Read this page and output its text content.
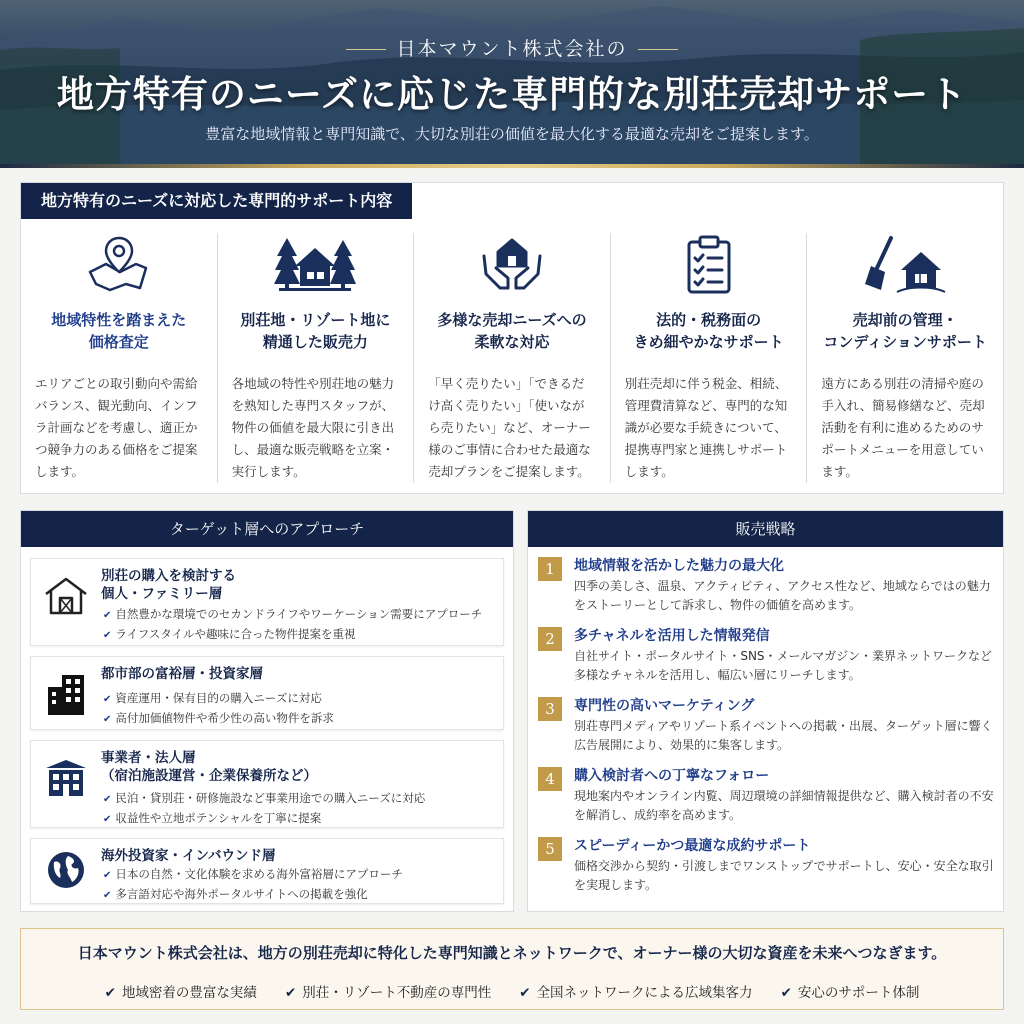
日本マウント株式会社の
地方特有のニーズに応じた専門的な別荘売却サポート
豊富な地域情報と専門知識で、大切な別荘の価値を最大化する最適な売却をご提案します。
地方特有のニーズに対応した専門的サポート内容
地域特性を踏まえた
価格査定
エリアごとの取引動向や需給バランス、観光動向、インフラ計画などを考慮し、適正かつ競争力のある価格をご提案します。
別荘地・リゾート地に
精通した販売力
各地域の特性や別荘地の魅力を熟知した専門スタッフが、物件の価値を最大限に引き出し、最適な販売戦略を立案・実行します。
多様な売却ニーズへの
柔軟な対応
「早く売りたい」「できるだけ高く売りたい」「使いながら売りたい」など、オーナー様のご事情に合わせた最適な売却プランをご提案します。
法的・税務面の
きめ細やかなサポート
別荘売却に伴う税金、相続、管理費清算など、専門的な知識が必要な手続きについて、提携専門家と連携しサポートします。
売却前の管理・
コンディションサポート
遠方にある別荘の清掃や庭の手入れ、簡易修繕など、売却活動を有利に進めるためのサポートメニューを用意しています。
ターゲット層へのアプローチ
別荘の購入を検討する
個人・ファミリー層
✔ 自然豊かな環境でのセカンドライフやワーケーション需要にアプローチ
✔ ライフスタイルや趣味に合った物件提案を重視
都市部の富裕層・投資家層
✔ 資産運用・保有目的の購入ニーズに対応
✔ 高付加価値物件や希少性の高い物件を訴求
事業者・法人層
（宿泊施設運営・企業保養所など）
✔ 民泊・貸別荘・研修施設など事業用途での購入ニーズに対応
✔ 収益性や立地ポテンシャルを丁寧に提案
海外投資家・インバウンド層
✔ 日本の自然・文化体験を求める海外富裕層にアプローチ
✔ 多言語対応や海外ポータルサイトへの掲載を強化
販売戦略
1	地域情報を活かした魅力の最大化
四季の美しさ、温泉、アクティビティ、アクセス性など、地域ならではの魅力をストーリーとして訴求し、物件の価値を高めます。
2	多チャネルを活用した情報発信
自社サイト・ポータルサイト・SNS・メールマガジン・業界ネットワークなど多様なチャネルを活用し、幅広い層にリーチします。
3	専門性の高いマーケティング
別荘専門メディアやリゾート系イベントへの掲載・出展、ターゲット層に響く広告展開により、効果的に集客します。
4	購入検討者への丁寧なフォロー
現地案内やオンライン内覧、周辺環境の詳細情報提供など、購入検討者の不安を解消し、成約率を高めます。
5	スピーディーかつ最適な成約サポート
価格交渉から契約・引渡しまでワンストップでサポートし、安心・安全な取引を実現します。
日本マウント株式会社は、地方の別荘売却に特化した専門知識とネットワークで、オーナー様の大切な資産を未来へつなぎます。
✔ 地域密着の豊富な実績 ✔ 別荘・リゾート不動産の専門性 ✔ 全国ネットワークによる広域集客力 ✔ 安心のサポート体制
